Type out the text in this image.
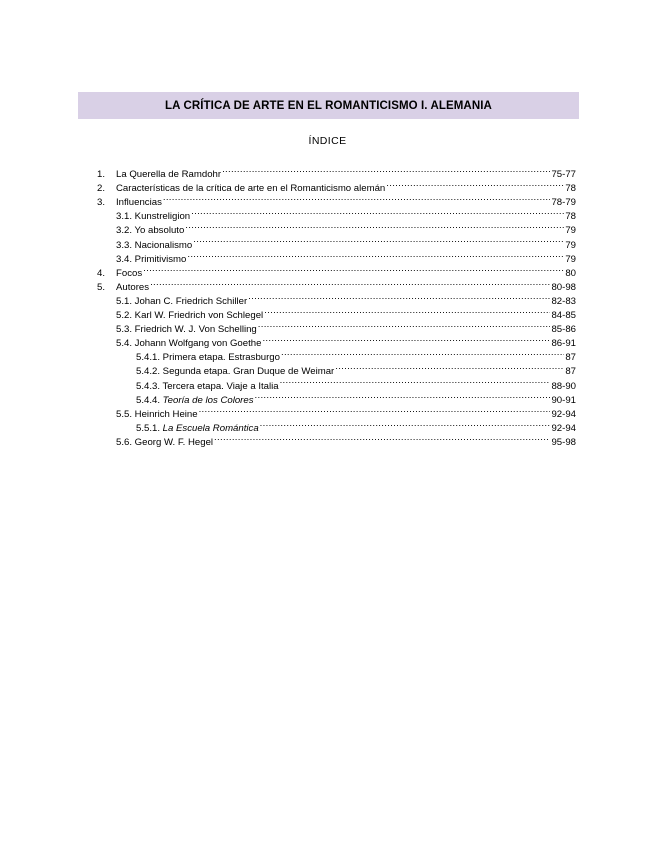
LA CRÍTICA DE ARTE EN EL ROMANTICISMO I. ALEMANIA
ÍNDICE
1.	La Querella de Ramdohr .....	75-77
2.	Características de la crítica de arte en el Romanticismo alemán .....	78
3.	Influencias .....	78-79
3.1. Kunstreligion .....	78
3.2. Yo absoluto .....	79
3.3. Nacionalismo .....	79
3.4. Primitivismo .....	79
4.	Focos .....	80
5.	Autores .....	80-98
5.1. Johan C. Friedrich Schiller .....	82-83
5.2. Karl W. Friedrich von Schlegel .....	84-85
5.3. Friedrich W. J. Von Schelling .....	85-86
5.4. Johann Wolfgang von Goethe .....	86-91
5.4.1. Primera etapa. Estrasburgo .....	87
5.4.2. Segunda etapa. Gran Duque de Weimar .....	87
5.4.3. Tercera etapa. Viaje a Italia .....	88-90
5.4.4. Teoría de los Colores .....	90-91
5.5. Heinrich Heine .....	92-94
5.5.1. La Escuela Romántica .....	92-94
5.6. Georg W. F. Hegel .....	95-98
